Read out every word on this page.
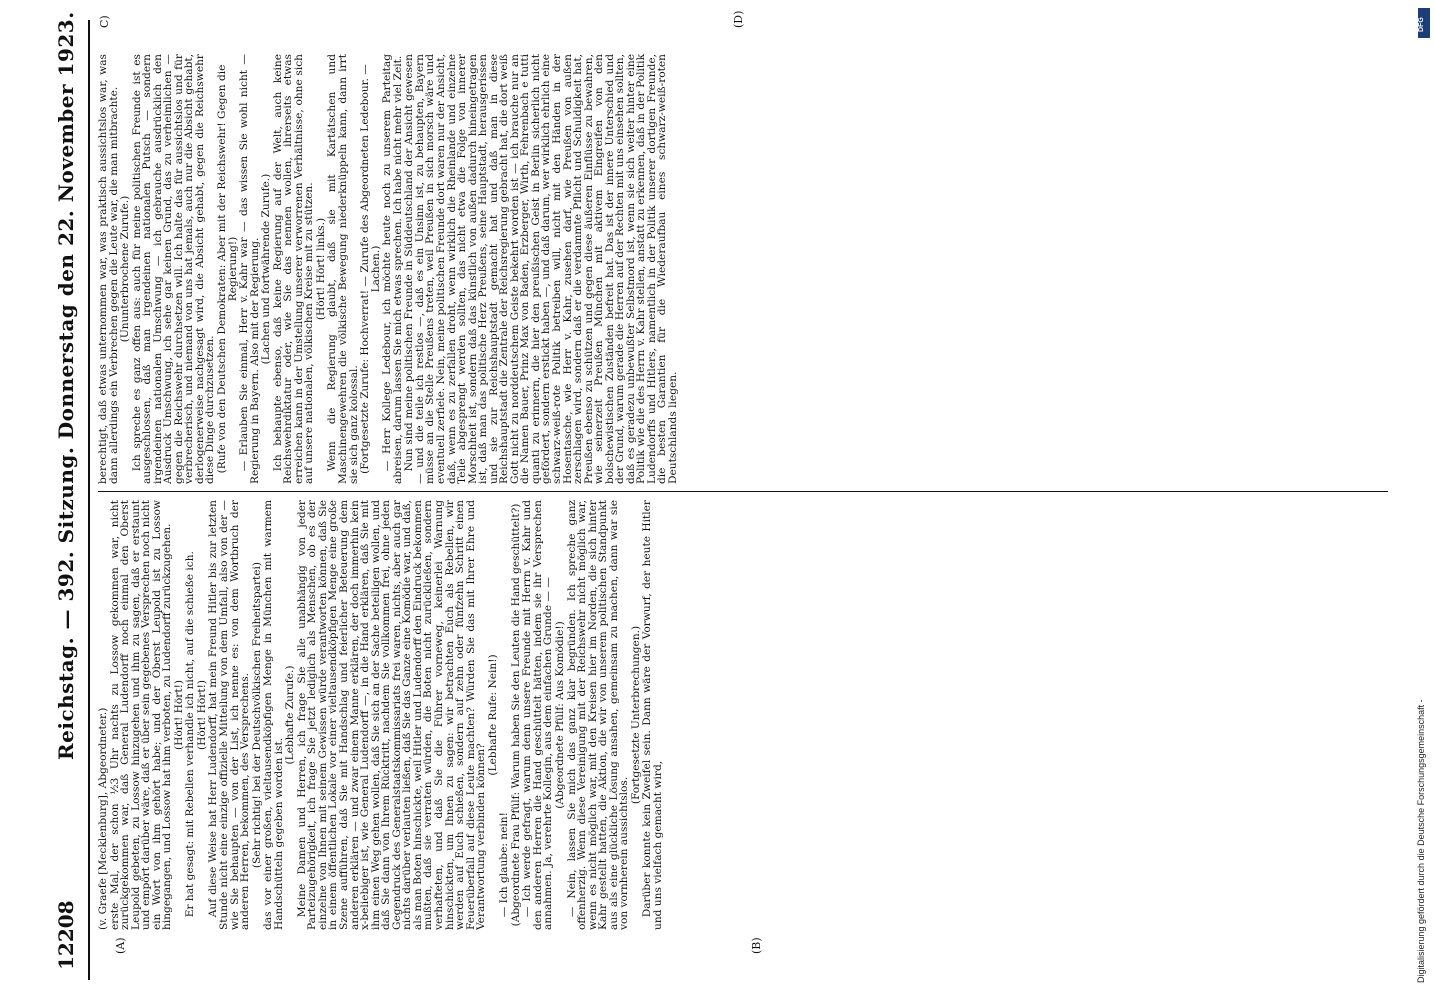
12208
Reichstag. — 392. Sitzung. Donnerstag den 22. November 1923.
(A)	(B)
C)	(D)

(v. Graefe [Mecklenburg], Abgeordneter.) erste Mal, der schon ½3 Uhr nachts zu Lossow gekommen war, nicht zurückgekommen war, daß General Ludendorff noch einmal den Oberst Leupold gebeten, zu Lossow hinzugehen und ihm zu sagen, daß er erstaunt und empört darüber wäre, daß er über sein gegebenes Versprechen noch nicht ein Wort von ihm gehört habe; und der Oberst Leupold ist zu Lossow hingegangen, und Lossow hat ihm verboten, zu Ludendorff zurückzugehen. (Hört! Hört!) Er hat gesagt: mit Rebellen verhandle ich nicht, auf die schieße ich. (Hört! Hört!) Auf diese Weise hat Herr Ludendorff, hat mein Freund Hitler bis zur letzten Stunde nicht eine einzige offizielle Mitteilung von dem Umfall, also von der — wie Sie behaupten — von der List, ich nenne es: von dem Wortbruch der anderen Herren, bekommen, des Versprechens. (Sehr richtig! bei der Deutschvölkischen Freiheitspartei) das vor einer großen, vieltausendköpfigen Menge in München mit warmem Handschütteln gegeben worden ist.

(Lebhafte Zurufe.) Meine Damen und Herren, ich frage Sie alle unabhängig von jeder Parteizugehörigkeit, ich frage Sie jetzt lediglich als Menschen, ob es der einzelne von Ihnen mit seinem Gewissen würde verantworten können, daß Sie in einem öffentlichen Lokale vor einer vieltausendköpfigen Menge eine große Szene aufführen, daß Sie mit Handschlag und feierlicher Beteuerung dem anderen erklären — und zwar einem Manne erklären, der doch immerhin kein x-beliebiger ist, wie General Ludendorff —, in die Hand erklären, daß Sie mit ihm einen Weg gehen wollen, daß Sie sich an der Sache beteiligen wollen, und daß Sie dann von Ihrem Rücktritt, nachdem Sie vollkommen frei, ohne jeden Gegendruck des Generalstaatskommissariats frei waren, nichts, aber auch gar nichts darüber verlauten ließen, daß Sie das Ganze eine Komödie war, und daß, als man Boten hinschickte, weil Hitler und Ludendorff den Eindruck bekommen mußten, daß sie verraten würden, die Boten nicht zurückließen, sondern verhafteten, und daß Sie die Führer vorneweg, keinerlei Warnung hinschickten, um Ihnen zu sagen: wir betrachten Euch als Rebellen, wir werden auf Euch schießen, sondern auf zehn oder fünfzehn Schritt einen Feuerüberfall auf diese Leute machten? Würden Sie das mit Ihrer Ehre und Verantwortung verbinden können?

(Lebhafte Rufe: Nein!)

— Ich glaube: nein! (Abgeordnete Frau Pfülf: Warum haben Sie den Leuten die Hand geschüttelt?) — Ich werde gefragt, warum denn unsere Freunde mit Herrn v. Kahr und den anderen Herren die Hand geschüttelt hätten, indem sie ihr Versprechen annahmen. Ja, verehrte Kollegin, aus dem einfachen Grunde — — (Abgeordnete Pfülf: Aus Komödie!) — Nein, lassen Sie mich das ganz klar begründen. Ich spreche ganz offenherzig. Wenn diese Vereinigung mit der Reichswehr nicht möglich war, wenn es nicht möglich war, mit den Kreisen hier im Norden, die sich hinter Kahr gestellt hatten, die Aktion, die wir von unserem politischen Standpunkt aus als eine glückliche Lösung ansahen, gemeinsam zu machen, dann war sie von vornherein aussichtslos.

(Fortgesetzte Unterbrechungen.) Darüber konnte kein Zweifel sein. Dann wäre der Vorwurf, der heute Hitler und uns vielfach gemacht wird,

berechtigt, daß etwas unternommen war, was praktisch aussichtslos war, was dann allerdings ein Verbrechen gegen die Leute war, die man mitbrachte. (Ununterbrochene Zurufe.) Ich spreche es ganz offen aus: auch für meine politischen Freunde ist es ausgeschlossen, daß man irgendeinen nationalen Putsch — sondern irgendeinen nationalen Umschwung — ich gebrauche ausdrücklich den Ausdruck Umschwung, ich sehe gar keinen Grund, das zu verheimlichen — gegen die Reichswehr durchsetzen will. Ich halte das für aussichtslos und für verbrecherisch, und niemand von uns hat jemals, auch nur die Absicht gehabt, derlogenerweise nachgesagt wird, die Absicht gehabt, gegen die Reichswehr diese Dinge durchzusetzen. (Rufe von den Deutschen Demokraten: Aber mit der Reichswehr! Gegen die Regierung!) — Erlauben Sie einmal, Herr v. Kahr war — das wissen Sie wohl nicht — Regierung in Bayern. Also mit der Regierung. (Lachen und fortwährende Zurufe.) Ich behaupte ebenso, daß keine Regierung auf der Welt, auch keine Reichswehrdiktatur oder, wie Sie das nennen wollen, ihrerseits etwas erreichen kann in der Umstellung unserer verworrenen Verhältnisse, ohne sich auf unsere nationalen, völkischen Kreise mit zu stützen. (Hört! Hört! links.) Wenn die Regierung glaubt, daß sie mit Kartätschen und Maschinengewehren die völkische Bewegung niederknüppeln kann, dann irrt sie sich ganz kolossal. (Fortgesetzte Zurufe: Hochverrat! — Zurufe des Abgeordneten Ledebour. — Lachen.) — Herr Kollege Ledebour, ich möchte heute noch zu unserem Parteitag abreisen, darum lassen Sie mich etwas sprechen. Ich habe nicht mehr viel Zeit. Nun sind meine politischen Freunde in Süddeutschland der Ansicht gewesen — und die teile ich restlos —, daß es ein Unsinn ist, zu behaupten, Bayern müsse an die Stelle Preußens treten, weil Preußen in sich morsch wäre und eventuell zerfiele. Nein, meine politischen Freunde dort waren nur der Ansicht, daß, wenn es zu zerfallen droht, wenn wirklich die Rheinlande und einzelne Teile abgesprengt werden sollten, das nicht etwa die Folge von innerer Morschheit ist, sondern daß das künstlich von außen dadurch hineingetragen ist, daß man das politische Herz Preußens, seine Hauptstadt, herausgerissen und sie zur Reichshauptstadt gemacht hat und daß man in diese Reichshauptstadt die Zentrale der Reichsregierung gebracht hat, die dort weiß Gott nicht zu norddeutschem Geiste bekehrt worden ist — ich brauche nur an die Namen Bauer, Prinz Max von Baden, Erzberger, Wirth, Fehrenbach e tutti quanti zu erinnern, die hier den preußischen Geist in Berlin sicherlich nicht gefördert, sondern erstickt haben —, und daß darum, wer wirklich ehrlich eine schwarz-weiß-rote Politik betreiben will, nicht mit den Händen in der Hosentasche, wie Herr v. Kahr, zusehen darf, wie Preußen von außen zerschlagen wird, sondern daß er die verdammte Pflicht und Schuldigkeit hat, Preußen ebenso zu schützen und gegen diese äußeren Einflüsse zu bewahren, wie seinerzeit Preußen München mit aktivem Eingreifen von den bolschewistischen Zuständen befreit hat. Das ist der innere Unterschied und der Grund, warum gerade die Herren auf der Rechten mit uns einsehen sollten, daß es geradezu unbewußter Selbstmord ist, wenn sie sich weiter hinter eine Politik wie die des Herrn v. Kahr stellen, anstatt zu erkennen, daß in der Politik Ludendorffs und Hitlers, namentlich in der Politik unserer dortigen Freunde, die besten Garantien für die Wiederaufbau eines schwarz-weiß-roten Deutschlands liegen.

Digitalisierung gefördert durch die Deutsche Forschungsgemeinschaft -
DFG
